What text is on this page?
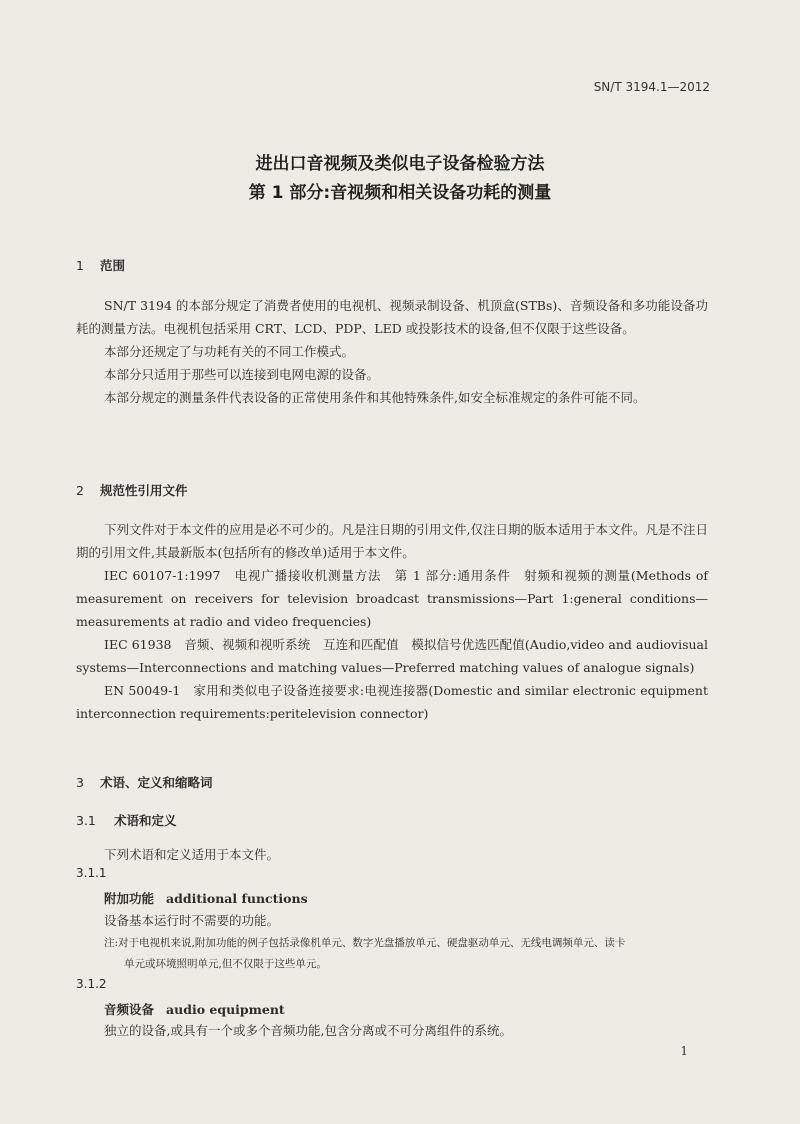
SN/T 3194.1—2012
进出口音视频及类似电子设备检验方法
第 1 部分:音视频和相关设备功耗的测量
1 范围

SN/T 3194 的本部分规定了消费者使用的电视机、视频录制设备、机顶盒(STBs)、音频设备和多功能设备功耗的测量方法。电视机包括采用 CRT、LCD、PDP、LED 或投影技术的设备,但不仅限于这些设备。

本部分还规定了与功耗有关的不同工作模式。

本部分只适用于那些可以连接到电网电源的设备。

本部分规定的测量条件代表设备的正常使用条件和其他特殊条件,如安全标准规定的条件可能不同。

2 规范性引用文件

下列文件对于本文件的应用是必不可少的。凡是注日期的引用文件,仅注日期的版本适用于本文件。凡是不注日期的引用文件,其最新版本(包括所有的修改单)适用于本文件。

IEC 60107-1:1997　电视广播接收机测量方法　第 1 部分:通用条件　射频和视频的测量(Methods of measurement on receivers for television broadcast transmissions—Part 1:general conditions—measurements at radio and video frequencies)

IEC 61938　音频、视频和视听系统　互连和匹配值　模拟信号优选匹配值(Audio,video and audiovisual systems—Interconnections and matching values—Preferred matching values of analogue signals)

EN 50049-1　家用和类似电子设备连接要求:电视连接器(Domestic and similar electronic equipment interconnection requirements:peritelevision connector)

3 术语、定义和缩略词
3.1 术语和定义

下列术语和定义适用于本文件。

3.1.1
附加功能 additional functions

设备基本运行时不需要的功能。

注:对于电视机来说,附加功能的例子包括录像机单元、数字光盘播放单元、硬盘驱动单元、无线电调频单元、读卡
单元或环境照明单元,但不仅限于这些单元。
3.1.2
音频设备 audio equipment

独立的设备,或具有一个或多个音频功能,包含分离或不可分离组件的系统。

1
